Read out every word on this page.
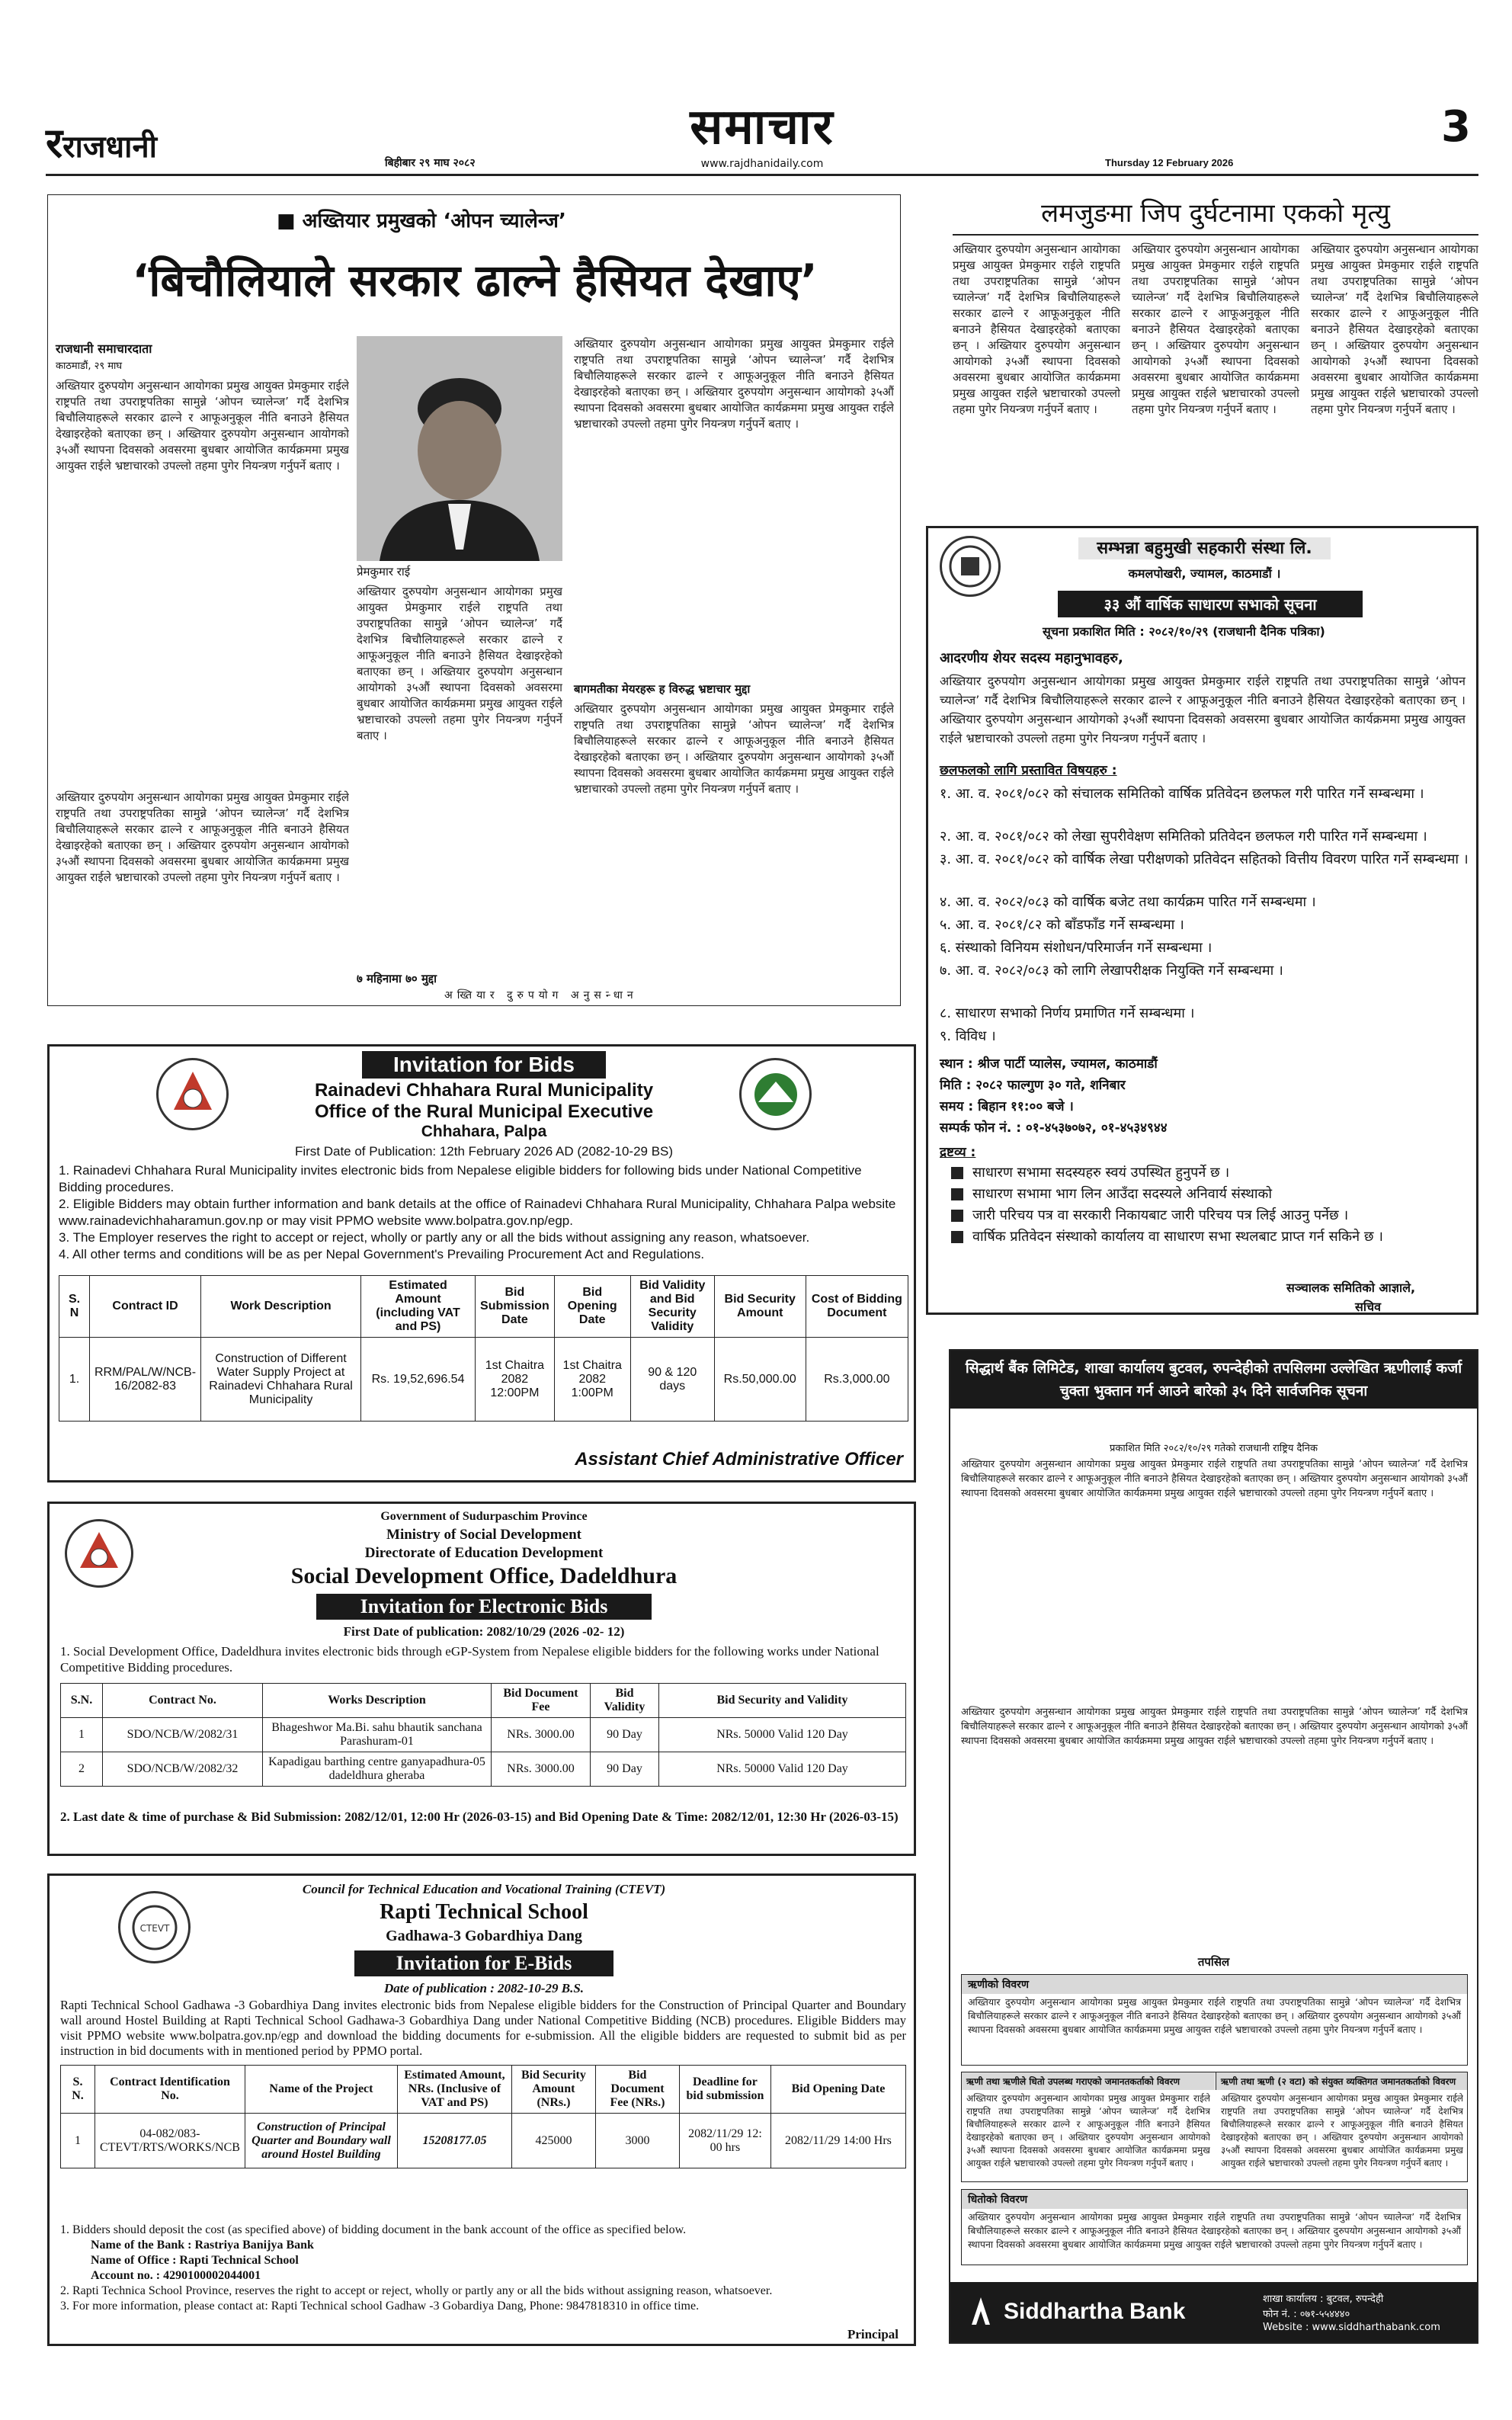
रराजधानी	समाचार
www.rajdhanidaily.com
बिहीबार २९ माघ २०८२	Thursday 12 February 2026
3
■ अख्तियार प्रमुखको ‘ओपन च्यालेन्ज’
‘बिचौलियाले सरकार ढाल्ने हैसियत देखाए’
राजधानी समाचारदाता
काठमाडौं, २९ माघ
अख्तियार दुरुपयोग अनुसन्धान आयोगका प्रमुख आयुक्त प्रेमकुमार राईले राष्ट्रपति तथा उपराष्ट्रपतिका सामुन्ने ‘ओपन च्यालेन्ज’ गर्दै देशभित्र बिचौलियाहरूले सरकार ढाल्ने र आफूअनुकूल नीति बनाउने हैसियत देखाइरहेको बताएका छन् । अख्तियार दुरुपयोग अनुसन्धान आयोगको ३५औं स्थापना दिवसको अवसरमा बुधबार आयोजित कार्यक्रममा प्रमुख आयुक्त राईले भ्रष्टाचारको उपल्लो तहमा पुगेर नियन्त्रण गर्नुपर्ने बताए ।
अख्तियार दुरुपयोग अनुसन्धान आयोगका प्रमुख आयुक्त प्रेमकुमार राईले राष्ट्रपति तथा उपराष्ट्रपतिका सामुन्ने ‘ओपन च्यालेन्ज’ गर्दै देशभित्र बिचौलियाहरूले सरकार ढाल्ने र आफूअनुकूल नीति बनाउने हैसियत देखाइरहेको बताएका छन् । अख्तियार दुरुपयोग अनुसन्धान आयोगको ३५औं स्थापना दिवसको अवसरमा बुधबार आयोजित कार्यक्रममा प्रमुख आयुक्त राईले भ्रष्टाचारको उपल्लो तहमा पुगेर नियन्त्रण गर्नुपर्ने बताए ।
प्रेमकुमार राई
अख्तियार दुरुपयोग अनुसन्धान आयोगका प्रमुख आयुक्त प्रेमकुमार राईले राष्ट्रपति तथा उपराष्ट्रपतिका सामुन्ने ‘ओपन च्यालेन्ज’ गर्दै देशभित्र बिचौलियाहरूले सरकार ढाल्ने र आफूअनुकूल नीति बनाउने हैसियत देखाइरहेको बताएका छन् । अख्तियार दुरुपयोग अनुसन्धान आयोगको ३५औं स्थापना दिवसको अवसरमा बुधबार आयोजित कार्यक्रममा प्रमुख आयुक्त राईले भ्रष्टाचारको उपल्लो तहमा पुगेर नियन्त्रण गर्नुपर्ने बताए ।
७ महिनामा ७० मुद्दा
अख्तियार दुरुपयोग अनुसन्धान
अख्तियार दुरुपयोग अनुसन्धान आयोगका प्रमुख आयुक्त प्रेमकुमार राईले राष्ट्रपति तथा उपराष्ट्रपतिका सामुन्ने ‘ओपन च्यालेन्ज’ गर्दै देशभित्र बिचौलियाहरूले सरकार ढाल्ने र आफूअनुकूल नीति बनाउने हैसियत देखाइरहेको बताएका छन् । अख्तियार दुरुपयोग अनुसन्धान आयोगको ३५औं स्थापना दिवसको अवसरमा बुधबार आयोजित कार्यक्रममा प्रमुख आयुक्त राईले भ्रष्टाचारको उपल्लो तहमा पुगेर नियन्त्रण गर्नुपर्ने बताए ।
बागमतीका मेयरहरू ह विरुद्ध भ्रष्टाचार मुद्दा
अख्तियार दुरुपयोग अनुसन्धान आयोगका प्रमुख आयुक्त प्रेमकुमार राईले राष्ट्रपति तथा उपराष्ट्रपतिका सामुन्ने ‘ओपन च्यालेन्ज’ गर्दै देशभित्र बिचौलियाहरूले सरकार ढाल्ने र आफूअनुकूल नीति बनाउने हैसियत देखाइरहेको बताएका छन् । अख्तियार दुरुपयोग अनुसन्धान आयोगको ३५औं स्थापना दिवसको अवसरमा बुधबार आयोजित कार्यक्रममा प्रमुख आयुक्त राईले भ्रष्टाचारको उपल्लो तहमा पुगेर नियन्त्रण गर्नुपर्ने बताए ।
लमजुङमा जिप दुर्घटनामा एकको मृत्यु
अख्तियार दुरुपयोग अनुसन्धान आयोगका प्रमुख आयुक्त प्रेमकुमार राईले राष्ट्रपति तथा उपराष्ट्रपतिका सामुन्ने ‘ओपन च्यालेन्ज’ गर्दै देशभित्र बिचौलियाहरूले सरकार ढाल्ने र आफूअनुकूल नीति बनाउने हैसियत देखाइरहेको बताएका छन् । अख्तियार दुरुपयोग अनुसन्धान आयोगको ३५औं स्थापना दिवसको अवसरमा बुधबार आयोजित कार्यक्रममा प्रमुख आयुक्त राईले भ्रष्टाचारको उपल्लो तहमा पुगेर नियन्त्रण गर्नुपर्ने बताए ।
अख्तियार दुरुपयोग अनुसन्धान आयोगका प्रमुख आयुक्त प्रेमकुमार राईले राष्ट्रपति तथा उपराष्ट्रपतिका सामुन्ने ‘ओपन च्यालेन्ज’ गर्दै देशभित्र बिचौलियाहरूले सरकार ढाल्ने र आफूअनुकूल नीति बनाउने हैसियत देखाइरहेको बताएका छन् । अख्तियार दुरुपयोग अनुसन्धान आयोगको ३५औं स्थापना दिवसको अवसरमा बुधबार आयोजित कार्यक्रममा प्रमुख आयुक्त राईले भ्रष्टाचारको उपल्लो तहमा पुगेर नियन्त्रण गर्नुपर्ने बताए ।
अख्तियार दुरुपयोग अनुसन्धान आयोगका प्रमुख आयुक्त प्रेमकुमार राईले राष्ट्रपति तथा उपराष्ट्रपतिका सामुन्ने ‘ओपन च्यालेन्ज’ गर्दै देशभित्र बिचौलियाहरूले सरकार ढाल्ने र आफूअनुकूल नीति बनाउने हैसियत देखाइरहेको बताएका छन् । अख्तियार दुरुपयोग अनुसन्धान आयोगको ३५औं स्थापना दिवसको अवसरमा बुधबार आयोजित कार्यक्रममा प्रमुख आयुक्त राईले भ्रष्टाचारको उपल्लो तहमा पुगेर नियन्त्रण गर्नुपर्ने बताए ।
सम्भन्ना बहुमुखी सहकारी संस्था लि.
कमलपोखरी, ज्यामल, काठमाडौं ।
३३ औं वार्षिक साधारण सभाको सूचना
सूचना प्रकाशित मिति : २०८२/१०/२९ (राजधानी दैनिक पत्रिका)
आदरणीय शेयर सदस्य महानुभावहरु,
अख्तियार दुरुपयोग अनुसन्धान आयोगका प्रमुख आयुक्त प्रेमकुमार राईले राष्ट्रपति तथा उपराष्ट्रपतिका सामुन्ने ‘ओपन च्यालेन्ज’ गर्दै देशभित्र बिचौलियाहरूले सरकार ढाल्ने र आफूअनुकूल नीति बनाउने हैसियत देखाइरहेको बताएका छन् । अख्तियार दुरुपयोग अनुसन्धान आयोगको ३५औं स्थापना दिवसको अवसरमा बुधबार आयोजित कार्यक्रममा प्रमुख आयुक्त राईले भ्रष्टाचारको उपल्लो तहमा पुगेर नियन्त्रण गर्नुपर्ने बताए ।
छलफलको लागि प्रस्तावित विषयहरु :
१. आ. व. २०८१/०८२ को संचालक समितिको वार्षिक प्रतिवेदन छलफल गरी पारित गर्ने सम्बन्धमा ।
२. आ. व. २०८१/०८२ को लेखा सुपरीवेक्षण समितिको प्रतिवेदन छलफल गरी पारित गर्ने सम्बन्धमा ।
३. आ. व. २०८१/०८२ को वार्षिक लेखा परीक्षणको प्रतिवेदन सहितको वित्तीय विवरण पारित गर्ने सम्बन्धमा ।
४. आ. व. २०८२/०८३ को वार्षिक बजेट तथा कार्यक्रम पारित गर्ने सम्बन्धमा ।
५. आ. व. २०८१/८२ को बाँडफाँड गर्ने सम्बन्धमा ।
६. संस्थाको विनियम संशोधन/परिमार्जन गर्ने सम्बन्धमा ।
७. आ. व. २०८२/०८३ को लागि लेखापरीक्षक नियुक्ति गर्ने सम्बन्धमा ।
८. साधारण सभाको निर्णय प्रमाणित गर्ने सम्बन्धमा ।
९. विविध ।
स्थान : श्रीज पार्टी प्यालेस, ज्यामल, काठमाडौं
मिति : २०८२ फाल्गुण ३० गते, शनिबार
समय : बिहान ११:०० बजे ।
सम्पर्क फोन नं. : ०१-४५३७०७२, ०१-४५३४९४४
द्रष्टव्य :
साधारण सभामा सदस्यहरु स्वयं उपस्थित हुनुपर्ने छ ।
साधारण सभामा भाग लिन आउँदा सदस्यले अनिवार्य संस्थाको
जारी परिचय पत्र वा सरकारी निकायबाट जारी परिचय पत्र लिई आउनु पर्नेछ ।
वार्षिक प्रतिवेदन संस्थाको कार्यालय वा साधारण सभा स्थलबाट प्राप्त गर्न सकिने छ ।
सञ्चालक समितिको आज्ञाले,
सचिव
Invitation for Bids
Rainadevi Chhahara Rural Municipality
Office of the Rural Municipal Executive
Chhahara, Palpa
First Date of Publication: 12th February 2026 AD (2082-10-29 BS)
1. Rainadevi Chhahara Rural Municipality invites electronic bids from Nepalese eligible bidders for following bids under National Competitive Bidding procedures.
2. Eligible Bidders may obtain further information and bank details at the office of Rainadevi Chhahara Rural Municipality, Chhahara Palpa website www.rainadevichhaharamun.gov.np or may visit PPMO website www.bolpatra.gov.np/egp.
3. The Employer reserves the right to accept or reject, wholly or partly any or all the bids without assigning any reason, whatsoever.
4. All other terms and conditions will be as per Nepal Government's Prevailing Procurement Act and Regulations.
S. N	Contract ID	Work Description	Estimated Amount (including VAT and PS)	Bid Submission Date	Bid Opening Date	Bid Validity and Bid Security Validity	Bid Security Amount	Cost of Bidding Document
1.	RRM/PAL/W/NCB-16/2082-83	Construction of Different Water Supply Project at Rainadevi Chhahara Rural Municipality	Rs. 19,52,696.54	1st Chaitra 2082 12:00PM	1st Chaitra 2082 1:00PM	90 & 120 days	Rs.50,000.00	Rs.3,000.00
Assistant Chief Administrative Officer
Government of Sudurpaschim Province
Ministry of Social Development
Directorate of Education Development
Social Development Office, Dadeldhura
Invitation for Electronic Bids
First Date of publication: 2082/10/29 (2026 -02- 12)
1. Social Development Office, Dadeldhura invites electronic bids through eGP-System from Nepalese eligible bidders for the following works under National Competitive Bidding procedures.
S.N.	Contract No.	Works Description	Bid Document Fee	Bid Validity	Bid Security and Validity
1	SDO/NCB/W/2082/31	Bhageshwor Ma.Bi. sahu bhautik sanchana Parashuram-01	NRs. 3000.00	90 Day	NRs. 50000 Valid 120 Day
2	SDO/NCB/W/2082/32	Kapadigau barthing centre ganyapadhura-05 dadeldhura gheraba	NRs. 3000.00	90 Day	NRs. 50000 Valid 120 Day
2. Last date & time of purchase & Bid Submission: 2082/12/01, 12:00 Hr (2026-03-15) and Bid Opening Date & Time: 2082/12/01, 12:30 Hr (2026-03-15)
CTEVT
Council for Technical Education and Vocational Training (CTEVT)
Rapti Technical School
Gadhawa-3 Gobardhiya Dang
Invitation for E-Bids
Date of publication : 2082-10-29 B.S.
Rapti Technical School Gadhawa -3 Gobardhiya Dang invites electronic bids from Nepalese eligible bidders for the Construction of Principal Quarter and Boundary wall around Hostel Building at Rapti Technical School Gadhawa-3 Gobardhiya Dang under National Competitive Bidding (NCB) procedures. Eligible Bidders may visit PPMO website www.bolpatra.gov.np/egp and download the bidding documents for e-submission. All the eligible bidders are requested to submit bid as per instruction in bid documents with in mentioned period by PPMO portal.
S. N.	Contract Identification No.	Name of the Project	Estimated Amount, NRs. (Inclusive of VAT and PS)	Bid Security Amount (NRs.)	Bid Document Fee (NRs.)	Deadline for bid submission	Bid Opening Date
1	04-082/083-CTEVT/RTS/WORKS/NCB	Construction of Principal Quarter and Boundary wall around Hostel Building	15208177.05	425000	3000	2082/11/29 12: 00 hrs	2082/11/29 14:00 Hrs
1. Bidders should deposit the cost (as specified above) of bidding document in the bank account of the office as specified below.
Name of the Bank : Rastriya Banijya Bank
Name of Office : Rapti Technical School
Account no. : 4290100002044001
2. Rapti Technica School Province, reserves the right to accept or reject, wholly or partly any or all the bids without assigning reason, whatsoever.
3. For more information, please contact at: Rapti Technical school Gadhaw -3 Gobardiya Dang, Phone: 9847818310 in office time.
Principal
सिद्धार्थ बैंक लिमिटेड, शाखा कार्यालय बुटवल, रुपन्देहीको तपसिलमा उल्लेखित ऋणीलाई कर्जा चुक्ता भुक्तान गर्न आउने बारेको ३५ दिने सार्वजनिक सूचना
प्रकाशित मिति २०८२/१०/२९ गतेको राजधानी राष्ट्रिय दैनिक
अख्तियार दुरुपयोग अनुसन्धान आयोगका प्रमुख आयुक्त प्रेमकुमार राईले राष्ट्रपति तथा उपराष्ट्रपतिका सामुन्ने ‘ओपन च्यालेन्ज’ गर्दै देशभित्र बिचौलियाहरूले सरकार ढाल्ने र आफूअनुकूल नीति बनाउने हैसियत देखाइरहेको बताएका छन् । अख्तियार दुरुपयोग अनुसन्धान आयोगको ३५औं स्थापना दिवसको अवसरमा बुधबार आयोजित कार्यक्रममा प्रमुख आयुक्त राईले भ्रष्टाचारको उपल्लो तहमा पुगेर नियन्त्रण गर्नुपर्ने बताए ।
अख्तियार दुरुपयोग अनुसन्धान आयोगका प्रमुख आयुक्त प्रेमकुमार राईले राष्ट्रपति तथा उपराष्ट्रपतिका सामुन्ने ‘ओपन च्यालेन्ज’ गर्दै देशभित्र बिचौलियाहरूले सरकार ढाल्ने र आफूअनुकूल नीति बनाउने हैसियत देखाइरहेको बताएका छन् । अख्तियार दुरुपयोग अनुसन्धान आयोगको ३५औं स्थापना दिवसको अवसरमा बुधबार आयोजित कार्यक्रममा प्रमुख आयुक्त राईले भ्रष्टाचारको उपल्लो तहमा पुगेर नियन्त्रण गर्नुपर्ने बताए ।
तपसिल
ऋणीको विवरण
अख्तियार दुरुपयोग अनुसन्धान आयोगका प्रमुख आयुक्त प्रेमकुमार राईले राष्ट्रपति तथा उपराष्ट्रपतिका सामुन्ने ‘ओपन च्यालेन्ज’ गर्दै देशभित्र बिचौलियाहरूले सरकार ढाल्ने र आफूअनुकूल नीति बनाउने हैसियत देखाइरहेको बताएका छन् । अख्तियार दुरुपयोग अनुसन्धान आयोगको ३५औं स्थापना दिवसको अवसरमा बुधबार आयोजित कार्यक्रममा प्रमुख आयुक्त राईले भ्रष्टाचारको उपल्लो तहमा पुगेर नियन्त्रण गर्नुपर्ने बताए ।
ऋणी तथा ऋणीले धितो उपलब्ध गराएको जमानतकर्ताको विवरण	ऋणी तथा ऋणी (२ वटा) को संयुक्त व्यक्तिगत जमानतकर्ताको विवरण
अख्तियार दुरुपयोग अनुसन्धान आयोगका प्रमुख आयुक्त प्रेमकुमार राईले राष्ट्रपति तथा उपराष्ट्रपतिका सामुन्ने ‘ओपन च्यालेन्ज’ गर्दै देशभित्र बिचौलियाहरूले सरकार ढाल्ने र आफूअनुकूल नीति बनाउने हैसियत देखाइरहेको बताएका छन् । अख्तियार दुरुपयोग अनुसन्धान आयोगको ३५औं स्थापना दिवसको अवसरमा बुधबार आयोजित कार्यक्रममा प्रमुख आयुक्त राईले भ्रष्टाचारको उपल्लो तहमा पुगेर नियन्त्रण गर्नुपर्ने बताए ।
अख्तियार दुरुपयोग अनुसन्धान आयोगका प्रमुख आयुक्त प्रेमकुमार राईले राष्ट्रपति तथा उपराष्ट्रपतिका सामुन्ने ‘ओपन च्यालेन्ज’ गर्दै देशभित्र बिचौलियाहरूले सरकार ढाल्ने र आफूअनुकूल नीति बनाउने हैसियत देखाइरहेको बताएका छन् । अख्तियार दुरुपयोग अनुसन्धान आयोगको ३५औं स्थापना दिवसको अवसरमा बुधबार आयोजित कार्यक्रममा प्रमुख आयुक्त राईले भ्रष्टाचारको उपल्लो तहमा पुगेर नियन्त्रण गर्नुपर्ने बताए ।
धितोको विवरण
अख्तियार दुरुपयोग अनुसन्धान आयोगका प्रमुख आयुक्त प्रेमकुमार राईले राष्ट्रपति तथा उपराष्ट्रपतिका सामुन्ने ‘ओपन च्यालेन्ज’ गर्दै देशभित्र बिचौलियाहरूले सरकार ढाल्ने र आफूअनुकूल नीति बनाउने हैसियत देखाइरहेको बताएका छन् । अख्तियार दुरुपयोग अनुसन्धान आयोगको ३५औं स्थापना दिवसको अवसरमा बुधबार आयोजित कार्यक्रममा प्रमुख आयुक्त राईले भ्रष्टाचारको उपल्लो तहमा पुगेर नियन्त्रण गर्नुपर्ने बताए ।
Siddhartha Bank	शाखा कार्यालय : बुटवल, रुपन्देही
फोन नं. : ०७१-५५४४४०
Website : www.siddharthabank.com
